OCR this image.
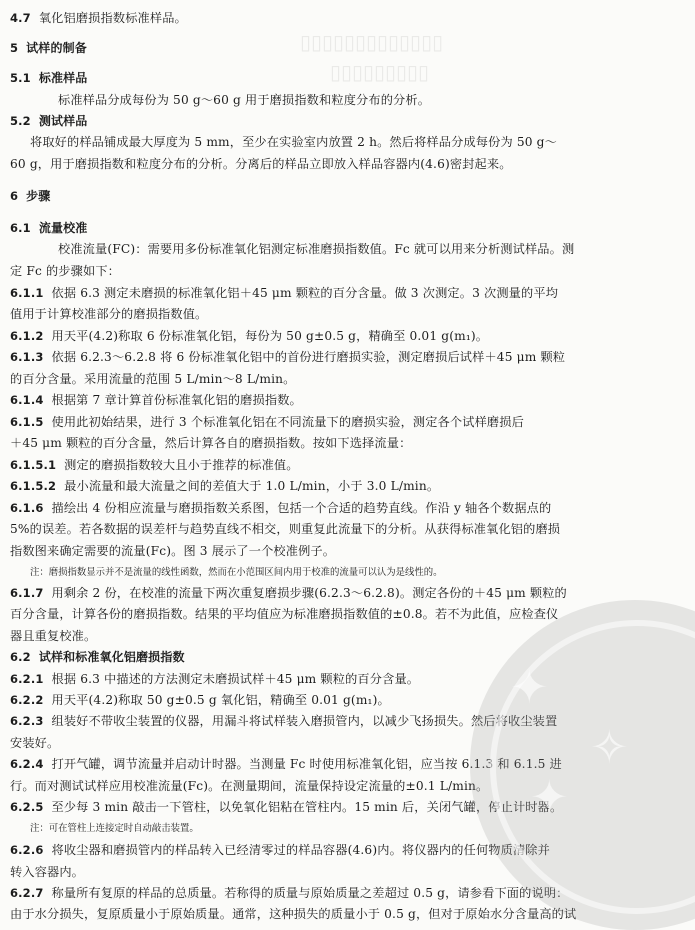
▯▯▯▯▯▯▯▯▯▯▯▯▯
▯▯▯▯▯▯▯▯▯
4.7 氧化铝磨损指数标准样品。
5 试样的制备
5.1 标准样品
标准样品分成每份为 50 g～60 g 用于磨损指数和粒度分布的分析。
5.2 测试样品
将取好的样品铺成最大厚度为 5 mm，至少在实验室内放置 2 h。然后将样品分成每份为 50 g～
60 g，用于磨损指数和粒度分布的分析。分离后的样品立即放入样品容器内(4.6)密封起来。
6 步骤
6.1 流量校准
校准流量(F⁣C)：需要用多份标准氧化铝测定标准磨损指数值。Fc 就可以用来分析测试样品。测
定 Fc 的步骤如下：
6.1.1 依据 6.3 测定未磨损的标准氧化铝＋45 μm 颗粒的百分含量。做 3 次测定。3 次测量的平均
值用于计算校准部分的磨损指数值。
6.1.2 用天平(4.2)称取 6 份标准氧化铝，每份为 50 g±0.5 g，精确至 0.01 g(m₁)。
6.1.3 依据 6.2.3～6.2.8 将 6 份标准氧化铝中的首份进行磨损实验，测定磨损后试样＋45 μm 颗粒
的百分含量。采用流量的范围 5 L/min～8 L/min。
6.1.4 根据第 7 章计算首份标准氧化铝的磨损指数。
6.1.5 使用此初始结果，进行 3 个标准氧化铝在不同流量下的磨损实验，测定各个试样磨损后
＋45 μm 颗粒的百分含量，然后计算各自的磨损指数。按如下选择流量：
6.1.5.1 测定的磨损指数较大且小于推荐的标准值。
6.1.5.2 最小流量和最大流量之间的差值大于 1.0 L/min，小于 3.0 L/min。
6.1.6 描绘出 4 份相应流量与磨损指数关系图，包括一个合适的趋势直线。作沿 y 轴各个数据点的
5%的误差。若各数据的误差杆与趋势直线不相交，则重复此流量下的分析。从获得标准氧化铝的磨损
指数图来确定需要的流量(Fc)。图 3 展示了一个校准例子。
注：磨损指数显示并不是流量的线性函数，然而在小范围区间内用于校准的流量可以认为是线性的。
6.1.7 用剩余 2 份，在校准的流量下两次重复磨损步骤(6.2.3～6.2.8)。测定各份的＋45 μm 颗粒的
百分含量，计算各份的磨损指数。结果的平均值应为标准磨损指数值的±0.8。若不为此值，应检查仪
器且重复校准。
6.2 试样和标准氧化铝磨损指数
6.2.1 根据 6.3 中描述的方法测定未磨损试样＋45 μm 颗粒的百分含量。
6.2.2 用天平(4.2)称取 50 g±0.5 g 氧化铝，精确至 0.01 g(m₁)。
6.2.3 组装好不带收尘装置的仪器，用漏斗将试样装入磨损管内，以减少飞扬损失。然后将收尘装置
安装好。
6.2.4 打开气罐，调节流量并启动计时器。当测量 Fc 时使用标准氧化铝，应当按 6.1.3 和 6.1.5 进
行。而对测试试样应用校准流量(Fc)。在测量期间，流量保持设定流量的±0.1 L/min。
6.2.5 至少每 3 min 敲击一下管柱，以免氧化铝粘在管柱内。15 min 后，关闭气罐，停止计时器。
注：可在管柱上连接定时自动敲击装置。
6.2.6 将收尘器和磨损管内的样品转入已经清零过的样品容器(4.6)内。将仪器内的任何物质清除并
转入容器内。
6.2.7 称量所有复原的样品的总质量。若称得的质量与原始质量之差超过 0.5 g，请参看下面的说明：
由于水分损失，复原质量小于原始质量。通常，这种损失的质量小于 0.5 g，但对于原始水分含量高的试
✦
✧
✦
